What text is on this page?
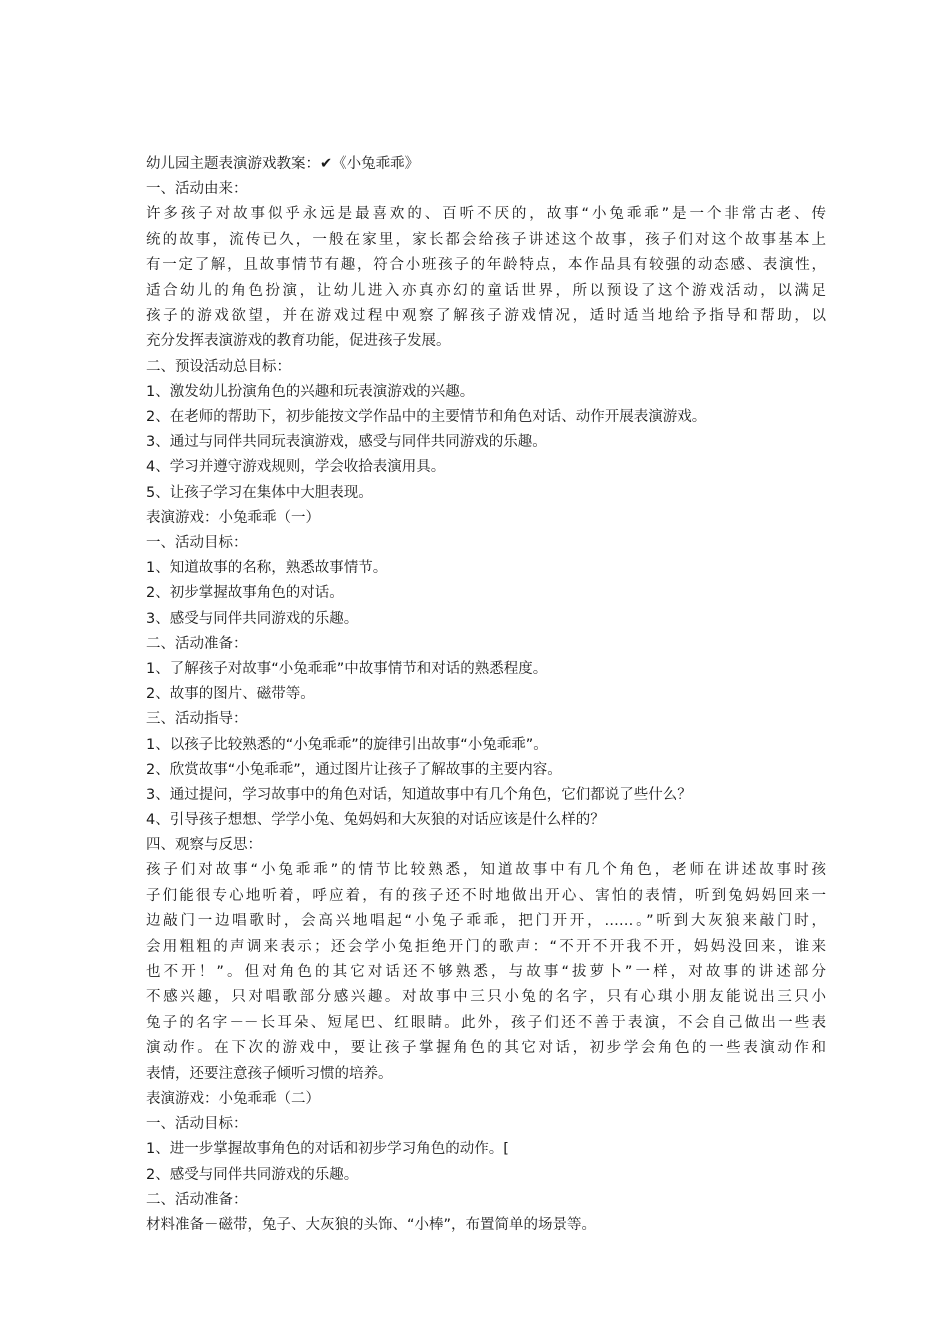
幼儿园主题表演游戏教案：✔《小兔乖乖》
一、活动由来：
许多孩子对故事似乎永远是最喜欢的、百听不厌的，故事“小兔乖乖”是一个非常古老、传
统的故事，流传已久，一般在家里，家长都会给孩子讲述这个故事，孩子们对这个故事基本上
有一定了解，且故事情节有趣，符合小班孩子的年龄特点，本作品具有较强的动态感、表演性，
适合幼儿的角色扮演，让幼儿进入亦真亦幻的童话世界，所以预设了这个游戏活动，以满足
孩子的游戏欲望，并在游戏过程中观察了解孩子游戏情况，适时适当地给予指导和帮助，以
充分发挥表演游戏的教育功能，促进孩子发展。
二、预设活动总目标：
1、激发幼儿扮演角色的兴趣和玩表演游戏的兴趣。
2、在老师的帮助下，初步能按文学作品中的主要情节和角色对话、动作开展表演游戏。
3、通过与同伴共同玩表演游戏，感受与同伴共同游戏的乐趣。
4、学习并遵守游戏规则，学会收拾表演用具。
5、让孩子学习在集体中大胆表现。
表演游戏：小兔乖乖（一）
一、活动目标：
1、知道故事的名称，熟悉故事情节。
2、初步掌握故事角色的对话。
3、感受与同伴共同游戏的乐趣。
二、活动准备：
1、了解孩子对故事“小兔乖乖”中故事情节和对话的熟悉程度。
2、故事的图片、磁带等。
三、活动指导：
1、以孩子比较熟悉的“小兔乖乖”的旋律引出故事“小兔乖乖”。
2、欣赏故事“小兔乖乖”，通过图片让孩子了解故事的主要内容。
3、通过提问，学习故事中的角色对话，知道故事中有几个角色，它们都说了些什么？
4、引导孩子想想、学学小兔、兔妈妈和大灰狼的对话应该是什么样的？
四、观察与反思：
孩子们对故事“小兔乖乖”的情节比较熟悉，知道故事中有几个角色，老师在讲述故事时孩
子们能很专心地听着，呼应着，有的孩子还不时地做出开心、害怕的表情，听到兔妈妈回来一
边敲门一边唱歌时，会高兴地唱起“小兔子乖乖，把门开开，……。”听到大灰狼来敲门时，
会用粗粗的声调来表示；还会学小兔拒绝开门的歌声：“不开不开我不开，妈妈没回来，谁来
也不开！”。但对角色的其它对话还不够熟悉，与故事“拔萝卜”一样，对故事的讲述部分
不感兴趣，只对唱歌部分感兴趣。对故事中三只小兔的名字，只有心琪小朋友能说出三只小
兔子的名字－－长耳朵、短尾巴、红眼睛。此外，孩子们还不善于表演，不会自己做出一些表
演动作。在下次的游戏中，要让孩子掌握角色的其它对话，初步学会角色的一些表演动作和
表情，还要注意孩子倾听习惯的培养。
表演游戏：小兔乖乖（二）
一、活动目标：
1、进一步掌握故事角色的对话和初步学习角色的动作。[
2、感受与同伴共同游戏的乐趣。
二、活动准备：
材料准备－磁带，兔子、大灰狼的头饰、“小棒”，布置简单的场景等。
